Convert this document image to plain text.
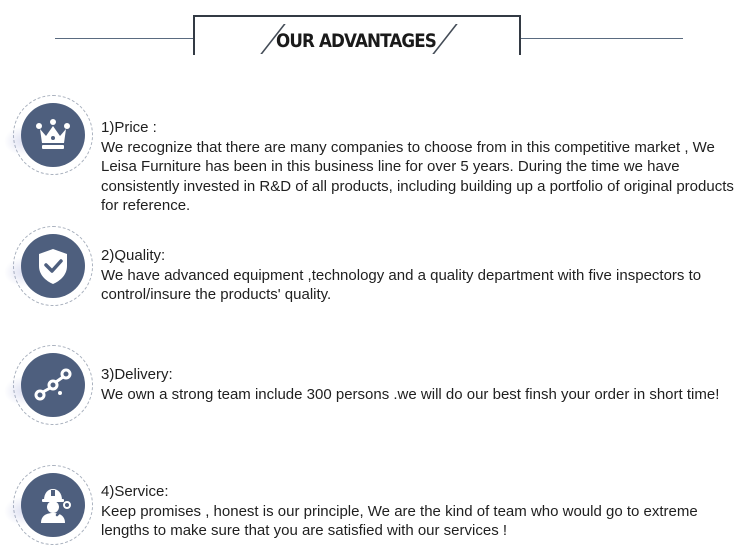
OUR ADVANTAGES

1)Price :

We recognize that there are many companies to choose from in this competitive market , We Leisa Furniture has been in this business line for over 5 years. During the time we have consistently invested in R&D of all products, including building up a portfolio of original products for reference.

2)Quality:

We have advanced equipment ,technology and a quality department with five inspectors to control/insure the products' quality.

3)Delivery:

We own a strong team include 300 persons .we will do our best finsh your order in short time!

4)Service:

Keep promises , honest is our principle, We are the kind of team who would go to extreme lengths to make sure that you are satisfied with our services !
